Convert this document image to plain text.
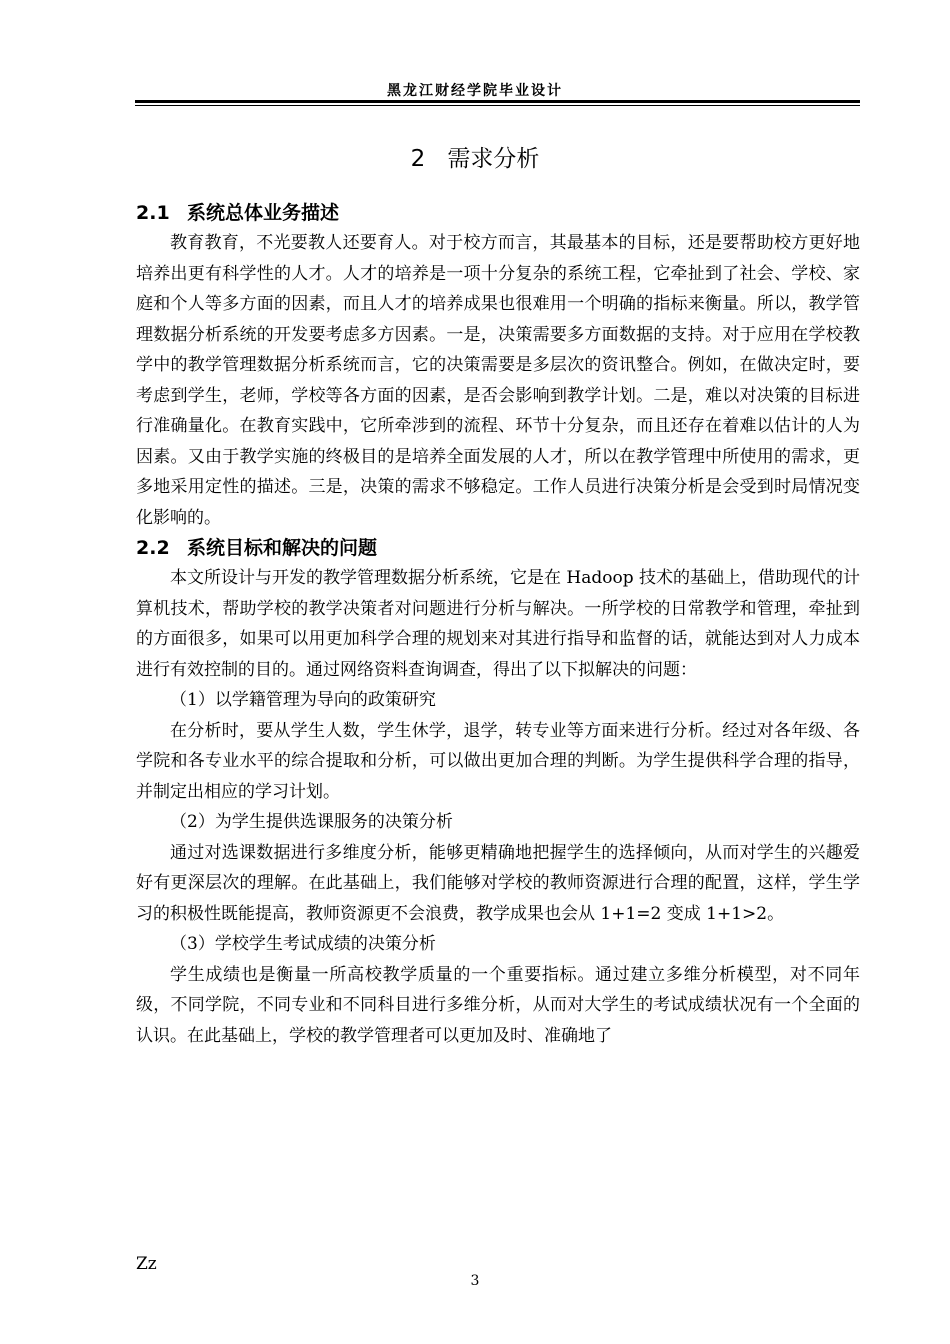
黑龙江财经学院毕业设计
2 需求分析
2.1 系统总体业务描述

教育教育，不光要教人还要育人。对于校方而言，其最基本的目标，还是要帮助校方更好地培养出更有科学性的人才。人才的培养是一项十分复杂的系统工程，它牵扯到了社会、学校、家庭和个人等多方面的因素，而且人才的培养成果也很难用一个明确的指标来衡量。所以，教学管理数据分析系统的开发要考虑多方因素。一是，决策需要多方面数据的支持。对于应用在学校教学中的教学管理数据分析系统而言，它的决策需要是多层次的资讯整合。例如，在做决定时，要考虑到学生，老师，学校等各方面的因素，是否会影响到教学计划。二是，难以对决策的目标进行准确量化。在教育实践中，它所牵涉到的流程、环节十分复杂，而且还存在着难以估计的人为因素。又由于教学实施的终极目的是培养全面发展的人才，所以在教学管理中所使用的需求，更多地采用定性的描述。三是，决策的需求不够稳定。工作人员进行决策分析是会受到时局情况变化影响的。

2.2 系统目标和解决的问题

本文所设计与开发的教学管理数据分析系统，它是在 Hadoop 技术的基础上，借助现代的计算机技术，帮助学校的教学决策者对问题进行分析与解决。一所学校的日常教学和管理，牵扯到的方面很多，如果可以用更加科学合理的规划来对其进行指导和监督的话，就能达到对人力成本进行有效控制的目的。通过网络资料查询调查，得出了以下拟解决的问题：

（1）以学籍管理为导向的政策研究

在分析时，要从学生人数，学生休学，退学，转专业等方面来进行分析。经过对各年级、各学院和各专业水平的综合提取和分析，可以做出更加合理的判断。为学生提供科学合理的指导，并制定出相应的学习计划。

（2）为学生提供选课服务的决策分析

通过对选课数据进行多维度分析，能够更精确地把握学生的选择倾向，从而对学生的兴趣爱好有更深层次的理解。在此基础上，我们能够对学校的教师资源进行合理的配置，这样，学生学习的积极性既能提高，教师资源更不会浪费，教学成果也会从 1+1=2 变成 1+1>2。

（3）学校学生考试成绩的决策分析

学生成绩也是衡量一所高校教学质量的一个重要指标。通过建立多维分析模型，对不同年级，不同学院，不同专业和不同科目进行多维分析，从而对大学生的考试成绩状况有一个全面的认识。在此基础上，学校的教学管理者可以更加及时、准确地了

Zz
3
